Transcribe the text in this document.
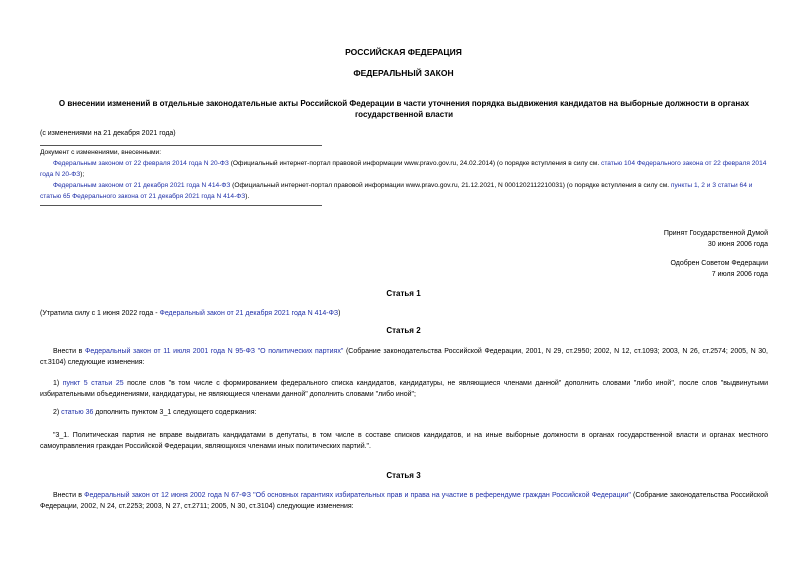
РОССИЙСКАЯ ФЕДЕРАЦИЯ
ФЕДЕРАЛЬНЫЙ ЗАКОН
О внесении изменений в отдельные законодательные акты Российской Федерации в части уточнения порядка выдвижения кандидатов на выборные должности в органах государственной власти
(с изменениями на 21 декабря 2021 года)
Документ с изменениями, внесенными:
Федеральным законом от 22 февраля 2014 года N 20-ФЗ (Официальный интернет-портал правовой информации www.pravo.gov.ru, 24.02.2014) (о порядке вступления в силу см. статью 104 Федерального закона от 22 февраля 2014 года N 20-ФЗ);
Федеральным законом от 21 декабря 2021 года N 414-ФЗ (Официальный интернет-портал правовой информации www.pravo.gov.ru, 21.12.2021, N 0001202112210031) (о порядке вступления в силу см. пункты 1, 2 и 3 статьи 64 и статью 65 Федерального закона от 21 декабря 2021 года N 414-ФЗ).
Принят Государственной Думой
30 июня 2006 года
Одобрен Советом Федерации
7 июля 2006 года
Статья 1
(Утратила силу с 1 июня 2022 года - Федеральный закон от 21 декабря 2021 года N 414-ФЗ)
Статья 2
Внести в Федеральный закон от 11 июля 2001 года N 95-ФЗ "О политических партиях" (Собрание законодательства Российской Федерации, 2001, N 29, ст.2950; 2002, N 12, ст.1093; 2003, N 26, ст.2574; 2005, N 30, ст.3104) следующие изменения:
1) пункт 5 статьи 25 после слов "в том числе с формированием федерального списка кандидатов, кандидатуры, не являющиеся членами данной" дополнить словами "либо иной", после слов "выдвинутыми избирательными объединениями, кандидатуры, не являющиеся членами данной" дополнить словами "либо иной";
2) статью 36 дополнить пунктом 3_1 следующего содержания:
"3_1. Политическая партия не вправе выдвигать кандидатами в депутаты, в том числе в составе списков кандидатов, и на иные выборные должности в органах государственной власти и органах местного самоуправления граждан Российской Федерации, являющихся членами иных политических партий.".
Статья 3
Внести в Федеральный закон от 12 июня 2002 года N 67-ФЗ "Об основных гарантиях избирательных прав и права на участие в референдуме граждан Российской Федерации" (Собрание законодательства Российской Федерации, 2002, N 24, ст.2253; 2003, N 27, ст.2711; 2005, N 30, ст.3104) следующие изменения:
